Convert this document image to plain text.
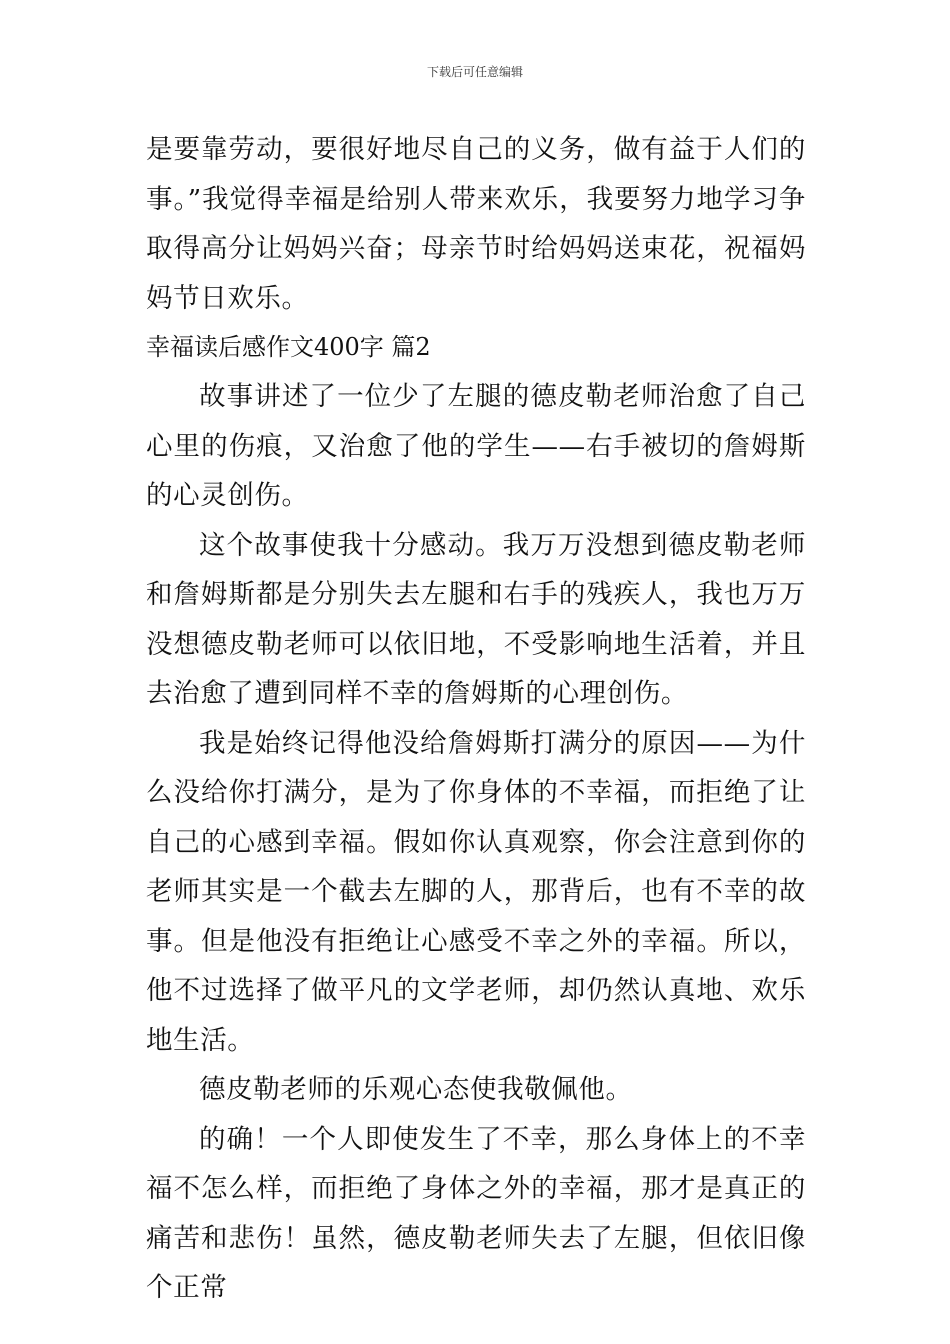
下载后可任意编辑

是要靠劳动，要很好地尽自己的义务，做有益于人们的事。”我觉得幸福是给别人带来欢乐，我要努力地学习争取得高分让妈妈兴奋；母亲节时给妈妈送束花，祝福妈妈节日欢乐。

幸福读后感作文400字 篇2

故事讲述了一位少了左腿的德皮勒老师治愈了自己心里的伤痕，又治愈了他的学生——右手被切的詹姆斯的心灵创伤。

这个故事使我十分感动。我万万没想到德皮勒老师和詹姆斯都是分别失去左腿和右手的残疾人，我也万万没想德皮勒老师可以依旧地，不受影响地生活着，并且去治愈了遭到同样不幸的詹姆斯的心理创伤。

我是始终记得他没给詹姆斯打满分的原因——为什么没给你打满分，是为了你身体的不幸福，而拒绝了让自己的心感到幸福。假如你认真观察，你会注意到你的老师其实是一个截去左脚的人，那背后，也有不幸的故事。但是他没有拒绝让心感受不幸之外的幸福。所以，他不过选择了做平凡的文学老师，却仍然认真地、欢乐地生活。

德皮勒老师的乐观心态使我敬佩他。

的确！一个人即使发生了不幸，那么身体上的不幸福不怎么样，而拒绝了身体之外的幸福，那才是真正的痛苦和悲伤！虽然，德皮勒老师失去了左腿，但依旧像个正常
